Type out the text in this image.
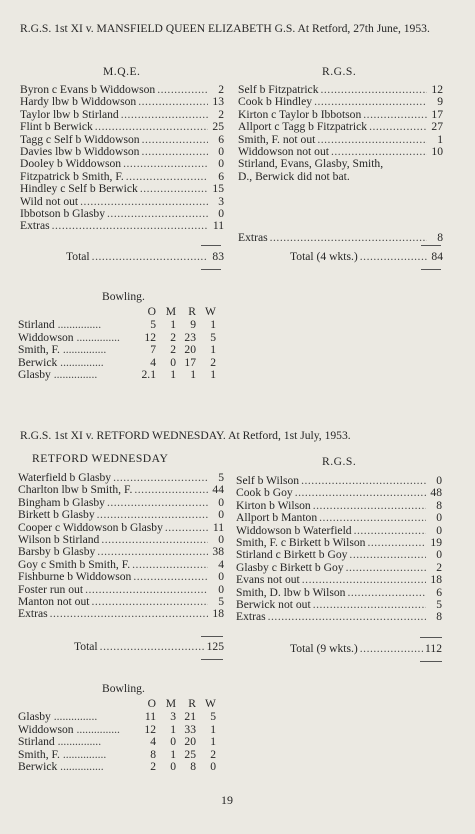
R.G.S. 1st XI v. MANSFIELD QUEEN ELIZABETH G.S. At Retford, 27th June, 1953.
M.Q.E.	R.G.S.
Byron c Evans b Widdowson .....	2
Hardy lbw b Widdowson .....	13
Taylor lbw b Stirland .....	2
Flint b Berwick .....	25
Tagg c Self b Widdowson .....	6
Davies lbw b Widdowson .....	0
Dooley b Widdowson .....	0
Fitzpatrick b Smith, F. .....	6
Hindley c Self b Berwick .....	15
Wild not out .....	3
Ibbotson b Glasby .....	0
Extras .....	11
Self b Fitzpatrick .....	12
Cook b Hindley .....	9
Kirton c Taylor b Ibbotson .....	17
Allport c Tagg b Fitzpatrick .....	27
Smith, F. not out .....	1
Widdowson not out .....	10
Stirland, Evans, Glasby, Smith,
D., Berwick did not bat.
Extras .....	8
Total .....	83	Total (4 wkts.) .....	84
Bowling.
	O	M	R	W
Stirland ...............	5	1	9	1
Widdowson ...............	12	2	23	5
Smith, F. ...............	7	2	20	1
Berwick ...............	4	0	17	2
Glasby ...............	2.1	1	1	1
R.G.S. 1st XI v. RETFORD WEDNESDAY. At Retford, 1st July, 1953.
RETFORD WEDNESDAY	R.G.S.
Waterfield b Glasby .....	5
Charlton lbw b Smith, F. .....	44
Bingham b Glasby .....	0
Birkett b Glasby .....	0
Cooper c Widdowson b Glasby .....	11
Wilson b Stirland .....	0
Barsby b Glasby .....	38
Goy c Smith b Smith, F. .....	4
Fishburne b Widdowson .....	0
Foster run out .....	0
Manton not out .....	5
Extras .....	18
Self b Wilson .....	0
Cook b Goy .....	48
Kirton b Wilson .....	8
Allport b Manton .....	0
Widdowson b Waterfield .....	0
Smith, F. c Birkett b Wilson .....	19
Stirland c Birkett b Goy .....	0
Glasby c Birkett b Goy .....	2
Evans not out .....	18
Smith, D. lbw b Wilson .....	6
Berwick not out .....	5
Extras .....	8
Total .....	125	Total (9 wkts.) .....	112
Bowling.
	O	M	R	W
Glasby ...............	11	3	21	5
Widdowson ...............	12	1	33	1
Stirland ...............	4	0	20	1
Smith, F. ...............	8	1	25	2
Berwick ...............	2	0	8	0
19
